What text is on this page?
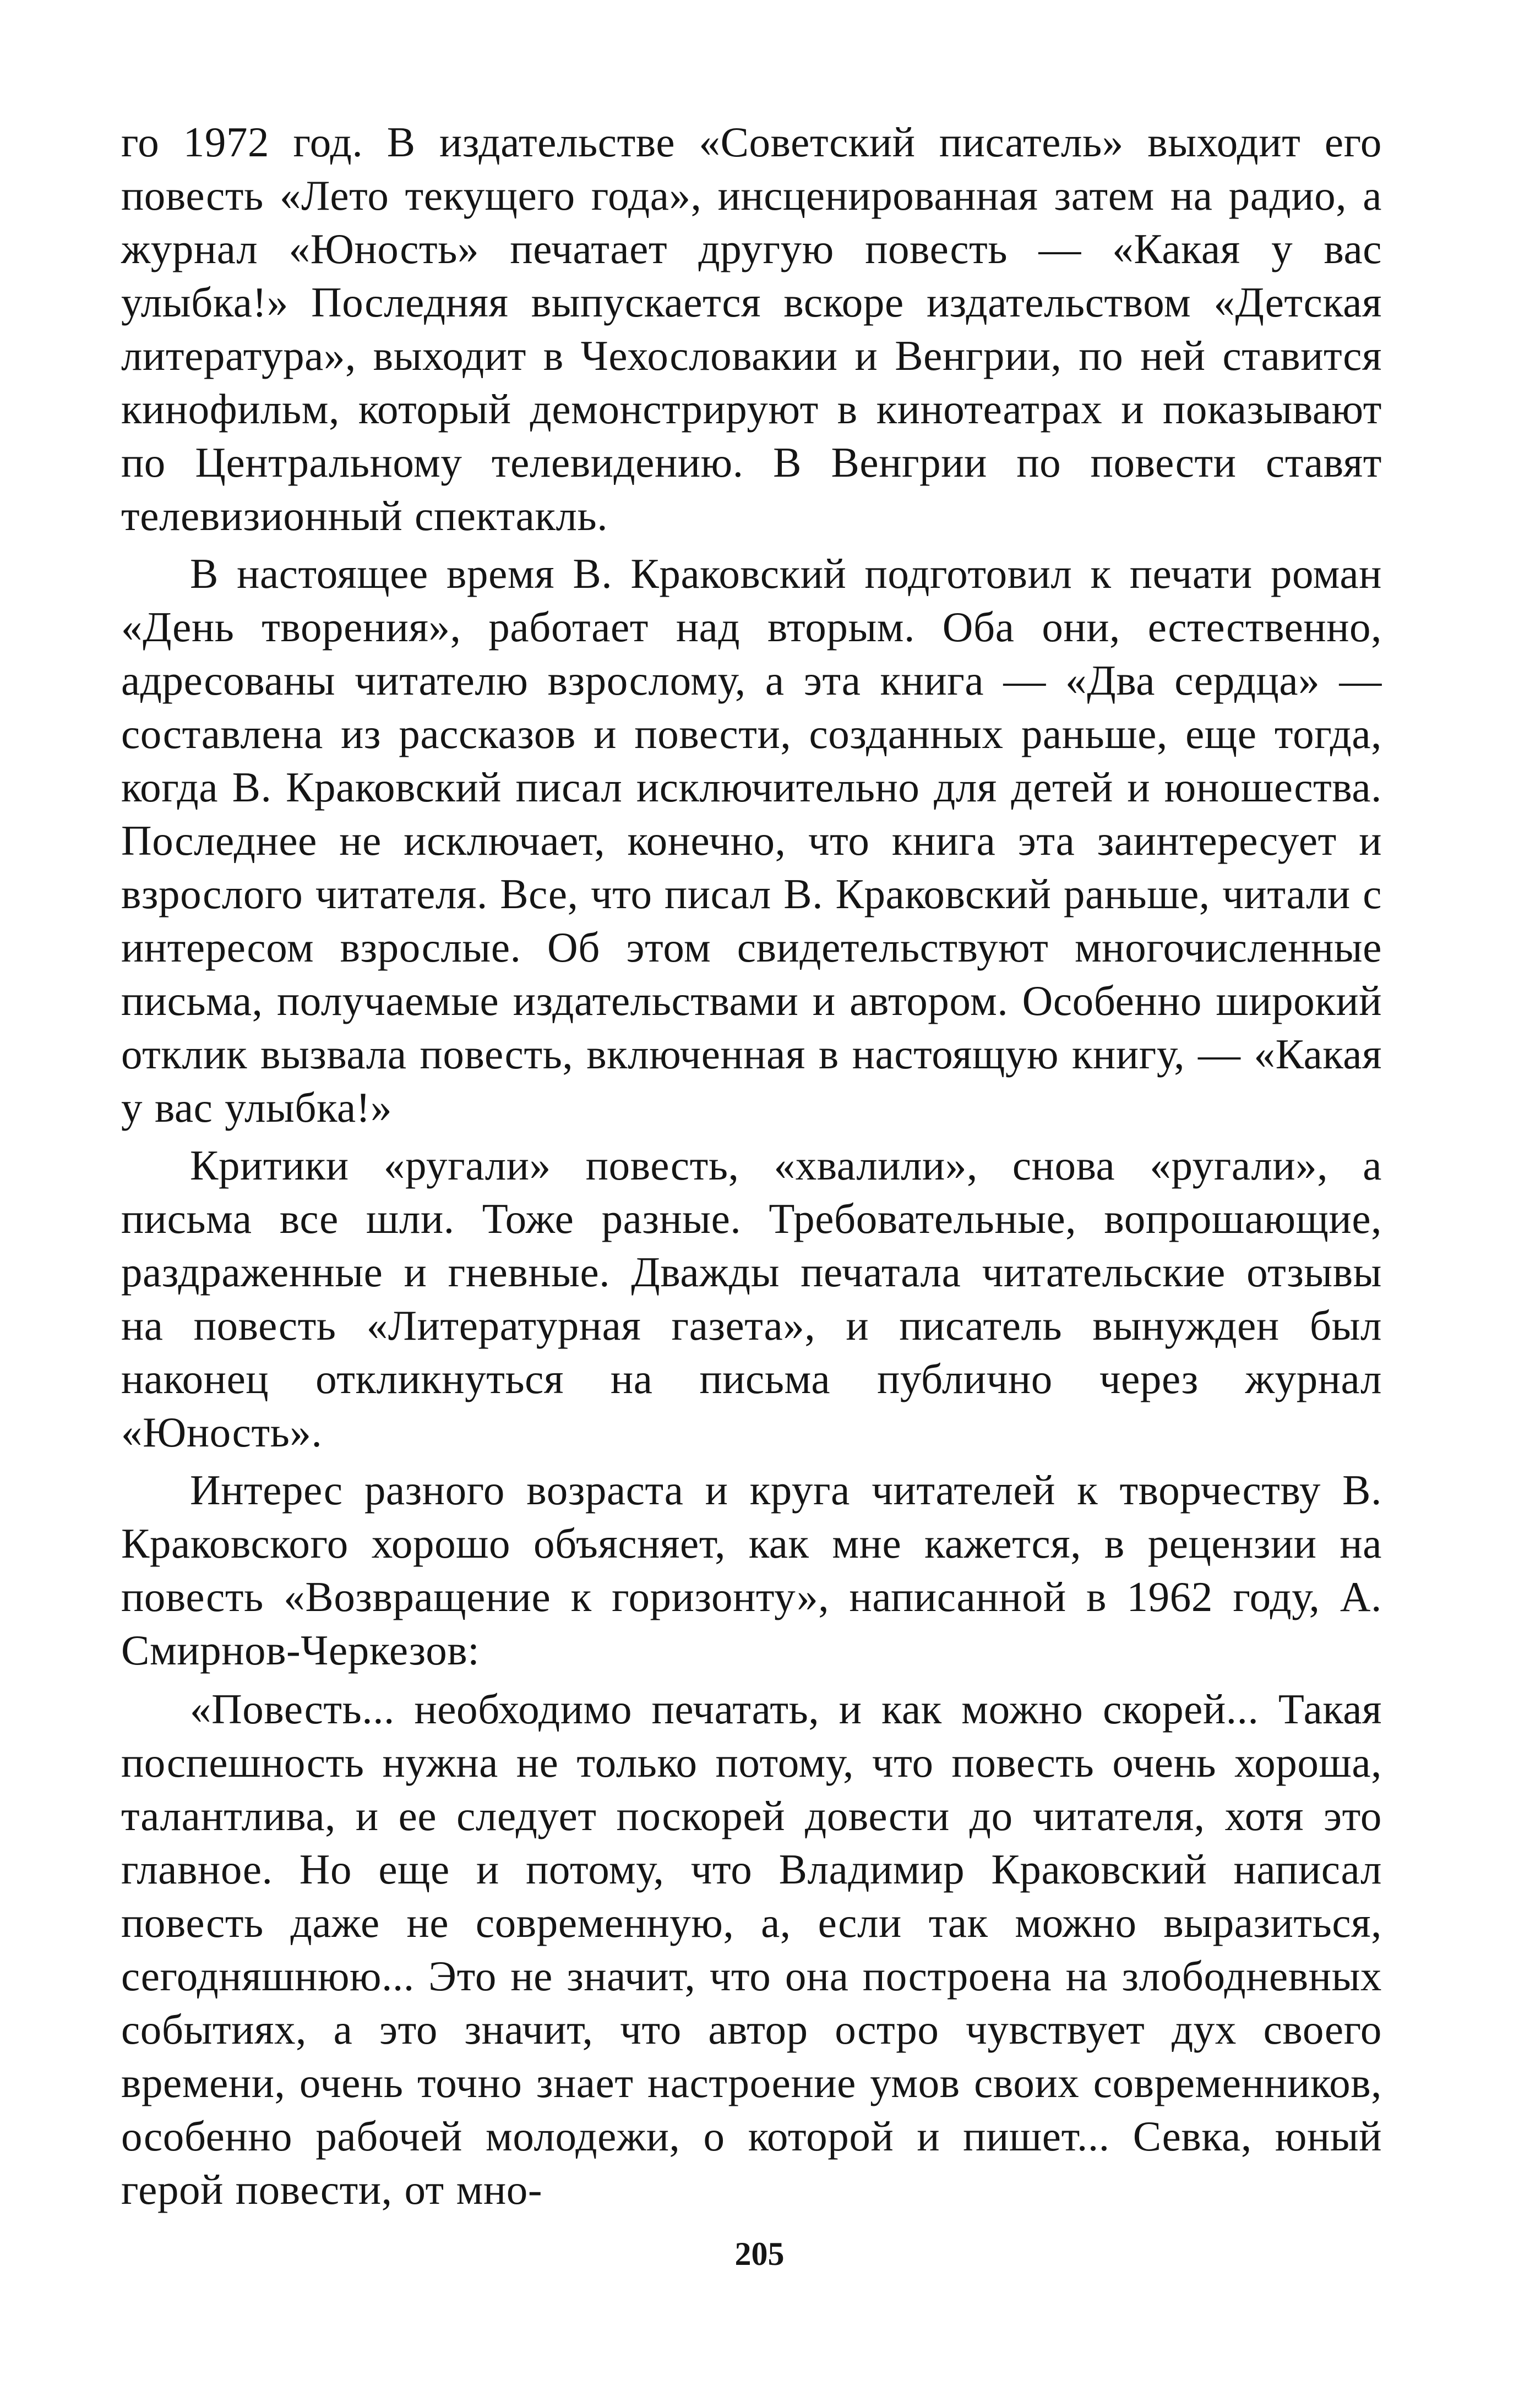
го 1972 год. В издательстве «Советский писатель» выходит его повесть «Лето текущего года», инсценированная затем на радио, а журнал «Юность» печатает другую повесть — «Какая у вас улыбка!» Последняя выпускается вскоре издательством «Детская литература», выходит в Чехословакии и Венгрии, по ней ставится кинофильм, который демонстрируют в кинотеатрах и показывают по Центральному телевидению. В Венгрии по повести ставят телевизионный спектакль.

В настоящее время В. Краковский подготовил к печати роман «День творения», работает над вторым. Оба они, естественно, адресованы читателю взрослому, а эта книга — «Два сердца» — составлена из рассказов и повести, созданных раньше, еще тогда, когда В. Краковский писал исключительно для детей и юношества. Последнее не исключает, конечно, что книга эта заинтересует и взрослого читателя. Все, что писал В. Краковский раньше, читали с интересом взрослые. Об этом свидетельствуют многочисленные письма, получаемые издательствами и автором. Особенно широкий отклик вызвала повесть, включенная в настоящую книгу, — «Какая у вас улыбка!»

Критики «ругали» повесть, «хвалили», снова «ругали», а письма все шли. Тоже разные. Требовательные, вопрошающие, раздраженные и гневные. Дважды печатала читательские отзывы на повесть «Литературная газета», и писатель вынужден был наконец откликнуться на письма публично через журнал «Юность».

Интерес разного возраста и круга читателей к творчеству В. Краковского хорошо объясняет, как мне кажется, в рецензии на повесть «Возвращение к горизонту», написанной в 1962 году, А. Смирнов-Черкезов:

«Повесть... необходимо печатать, и как можно скорей... Такая поспешность нужна не только потому, что повесть очень хороша, талантлива, и ее следует поскорей довести до читателя, хотя это главное. Но еще и потому, что Владимир Краковский написал повесть даже не современную, а, если так можно выразиться, сегодняшнюю... Это не значит, что она построена на злободневных событиях, а это значит, что автор остро чувствует дух своего времени, очень точно знает настроение умов своих современников, особенно рабочей молодежи, о которой и пишет... Севка, юный герой повести, от мно-

205
